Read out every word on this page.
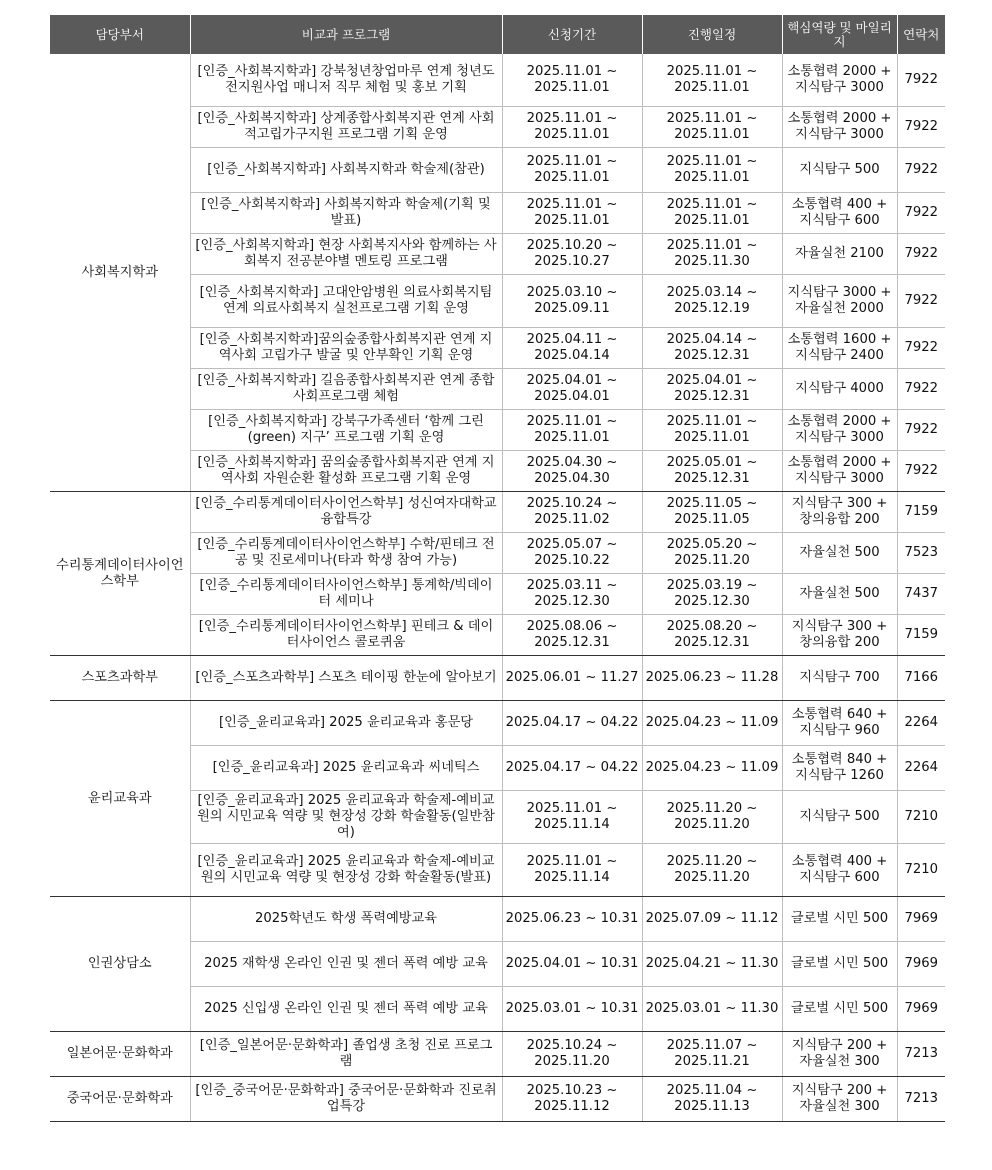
담당부서	비교과 프로그램	신청기간	진행일정	핵심역량 및 마일리지	연락처
사회복지학과	[인증_사회복지학과] 강북청년창업마루 연계 청년도전지원사업 매니저 직무 체험 및 홍보 기획	2025.11.01 ~ 2025.11.01	2025.11.01 ~ 2025.11.01	소통협력 2000 + 지식탐구 3000	7922
	[인증_사회복지학과] 상계종합사회복지관 연계 사회적고립가구지원 프로그램 기획 운영	2025.11.01 ~ 2025.11.01	2025.11.01 ~ 2025.11.01	소통협력 2000 + 지식탐구 3000	7922
	[인증_사회복지학과] 사회복지학과 학술제(참관)	2025.11.01 ~ 2025.11.01	2025.11.01 ~ 2025.11.01	지식탐구 500	7922
	[인증_사회복지학과] 사회복지학과 학술제(기획 및 발표)	2025.11.01 ~ 2025.11.01	2025.11.01 ~ 2025.11.01	소통협력 400 + 지식탐구 600	7922
	[인증_사회복지학과] 현장 사회복지사와 함께하는 사회복지 전공분야별 멘토링 프로그램	2025.10.20 ~ 2025.10.27	2025.11.01 ~ 2025.11.30	자율실천 2100	7922
	[인증_사회복지학과] 고대안암병원 의료사회복지팀 연계 의료사회복지 실천프로그램 기획 운영	2025.03.10 ~ 2025.09.11	2025.03.14 ~ 2025.12.19	지식탐구 3000 + 자율실천 2000	7922
	[인증_사회복지학과]꿈의숲종합사회복지관 연계 지역사회 고립가구 발굴 및 안부확인 기획 운영	2025.04.11 ~ 2025.04.14	2025.04.14 ~ 2025.12.31	소통협력 1600 + 지식탐구 2400	7922
	[인증_사회복지학과] 길음종합사회복지관 연계 종합사회프로그램 체험	2025.04.01 ~ 2025.04.01	2025.04.01 ~ 2025.12.31	지식탐구 4000	7922
	[인증_사회복지학과] 강북구가족센터 ‘함께 그린(green) 지구’ 프로그램 기획 운영	2025.11.01 ~ 2025.11.01	2025.11.01 ~ 2025.11.01	소통협력 2000 + 지식탐구 3000	7922
	[인증_사회복지학과] 꿈의숲종합사회복지관 연계 지역사회 자원순환 활성화 프로그램 기획 운영	2025.04.30 ~ 2025.04.30	2025.05.01 ~ 2025.12.31	소통협력 2000 + 지식탐구 3000	7922
수리통계데이터사이언스학부	[인증_수리통계데이터사이언스학부] 성신여자대학교 융합특강	2025.10.24 ~ 2025.11.02	2025.11.05 ~ 2025.11.05	지식탐구 300 + 창의융합 200	7159
	[인증_수리통계데이터사이언스학부] 수학/핀테크 전공 및 진로세미나(타과 학생 참여 가능)	2025.05.07 ~ 2025.10.22	2025.05.20 ~ 2025.11.20	자율실천 500	7523
	[인증_수리통계데이터사이언스학부] 통계학/빅데이터 세미나	2025.03.11 ~ 2025.12.30	2025.03.19 ~ 2025.12.30	자율실천 500	7437
	[인증_수리통계데이터사이언스학부] 핀테크 & 데이터사이언스 콜로퀴움	2025.08.06 ~ 2025.12.31	2025.08.20 ~ 2025.12.31	지식탐구 300 + 창의융합 200	7159
스포츠과학부	[인증_스포츠과학부] 스포츠 테이핑 한눈에 알아보기	2025.06.01 ~ 11.27	2025.06.23 ~ 11.28	지식탐구 700	7166
윤리교육과	[인증_윤리교육과] 2025 윤리교육과 홍문당	2025.04.17 ~ 04.22	2025.04.23 ~ 11.09	소통협력 640 + 지식탐구 960	2264
	[인증_윤리교육과] 2025 윤리교육과 씨네틱스	2025.04.17 ~ 04.22	2025.04.23 ~ 11.09	소통협력 840 + 지식탐구 1260	2264
	[인증_윤리교육과] 2025 윤리교육과 학술제-예비교원의 시민교육 역량 및 현장성 강화 학술활동(일반참여)	2025.11.01 ~ 2025.11.14	2025.11.20 ~ 2025.11.20	지식탐구 500	7210
	[인증_윤리교육과] 2025 윤리교육과 학술제-예비교원의 시민교육 역량 및 현장성 강화 학술활동(발표)	2025.11.01 ~ 2025.11.14	2025.11.20 ~ 2025.11.20	소통협력 400 + 지식탐구 600	7210
인권상담소	2025학년도 학생 폭력예방교육	2025.06.23 ~ 10.31	2025.07.09 ~ 11.12	글로벌 시민 500	7969
	2025 재학생 온라인 인권 및 젠더 폭력 예방 교육	2025.04.01 ~ 10.31	2025.04.21 ~ 11.30	글로벌 시민 500	7969
	2025 신입생 온라인 인권 및 젠더 폭력 예방 교육	2025.03.01 ~ 10.31	2025.03.01 ~ 11.30	글로벌 시민 500	7969
일본어문·문화학과	[인증_일본어문·문화학과] 졸업생 초청 진로 프로그램	2025.10.24 ~ 2025.11.20	2025.11.07 ~ 2025.11.21	지식탐구 200 + 자율실천 300	7213
중국어문·문화학과	[인증_중국어문·문화학과] 중국어문·문화학과 진로취업특강	2025.10.23 ~ 2025.11.12	2025.11.04 ~ 2025.11.13	지식탐구 200 + 자율실천 300	7213
